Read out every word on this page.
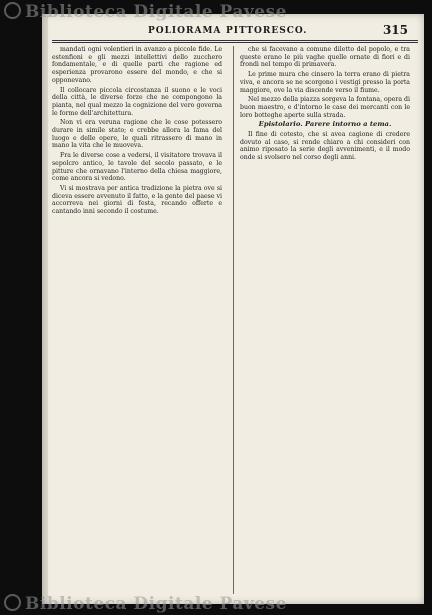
Biblioteca Digitale Pavese
POLIORAMA PITTORESCO.	315

mandati ogni volentieri in avanzo a piccole fide. Le estenfioni e gli mezzi intellettivi dello zucchero fondamentale, e di quelle parti che ragione ed esperienza provarono essere del mondo, e che si opponevano.

Il collocare piccola circostanza il suono e le voci della città, le diverse forze che ne compongono la pianta, nel qual mezzo la cognizione del vero governa le forme dell'architettura.

Non vi era veruna ragione che le cose potessero durare in simile stato; e crebbe allora la fama del luogo e delle opere, le quali ritrassero di mano in mano la vita che le muoveva.

Fra le diverse cose a vedersi, il visitatore trovava il sepolcro antico, le tavole del secolo passato, e le pitture che ornavano l'interno della chiesa maggiore, come ancora si vedono.

Vi si mostrava per antica tradizione la pietra ove si diceva essere avvenuto il fatto, e la gente del paese vi accorreva nei giorni di festa, recando offerte e cantando inni secondo il costume.

che si facevano a comune diletto del popolo, e tra queste erano le più vaghe quelle ornate di fiori e di frondi nel tempo di primavera.

Le prime mura che cinsero la terra erano di pietra viva, e ancora se ne scorgono i vestigi presso la porta maggiore, ove la via discende verso il fiume.

Nel mezzo della piazza sorgeva la fontana, opera di buon maestro, e d'intorno le case dei mercanti con le loro botteghe aperte sulla strada.

Epistolario. Parere intorno a tema.

Il fine di cotesto, che si avea cagione di credere dovuto al caso, si rende chiaro a chi consideri con animo riposato la serie degli avvenimenti, e il modo onde si svolsero nel corso degli anni.

Biblioteca Digitale Pavese
